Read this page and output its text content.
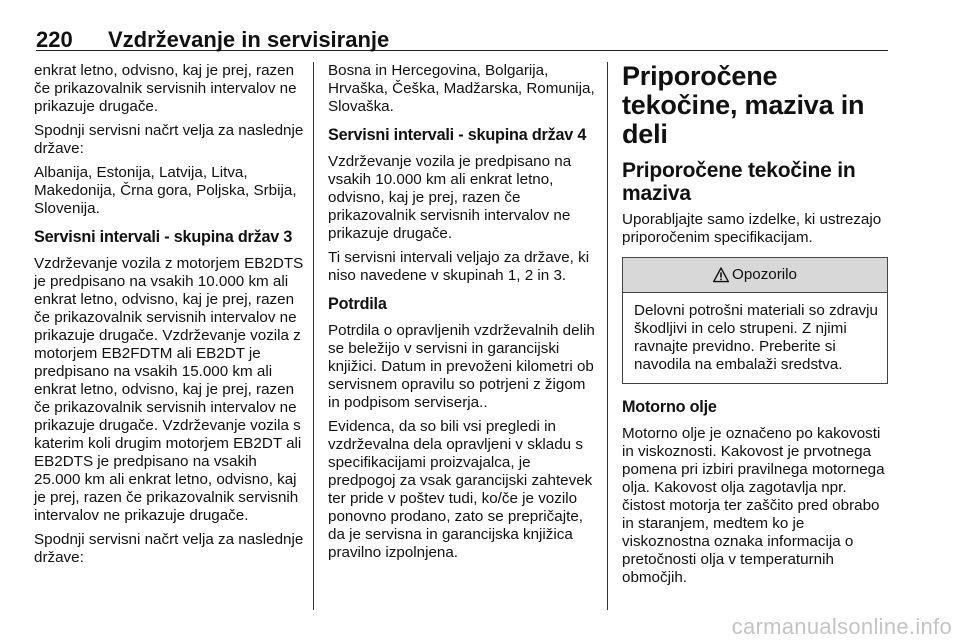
220 Vzdrževanje in servisiranje

enkrat letno, odvisno, kaj je prej, razen če prikazovalnik servisnih intervalov ne prikazuje drugače.

Spodnji servisni načrt velja za naslednje države:

Albanija, Estonija, Latvija, Litva, Makedonija, Črna gora, Poljska, Srbija, Slovenija.

Servisni intervali - skupina držav 3

Vzdrževanje vozila z motorjem EB2DTS je predpisano na vsakih 10.000 km ali enkrat letno, odvisno, kaj je prej, razen če prikazovalnik servisnih intervalov ne prikazuje drugače. Vzdrževanje vozila z motorjem EB2FDTM ali EB2DT je predpisano na vsakih 15.000 km ali enkrat letno, odvisno, kaj je prej, razen če prikazovalnik servisnih intervalov ne prikazuje drugače. Vzdrževanje vozila s katerim koli drugim motorjem EB2DT ali EB2DTS je predpisano na vsakih 25.000 km ali enkrat letno, odvisno, kaj je prej, razen če prikazovalnik servisnih intervalov ne prikazuje drugače.

Spodnji servisni načrt velja za naslednje države:

Bosna in Hercegovina, Bolgarija, Hrvaška, Češka, Madžarska, Romunija, Slovaška.

Servisni intervali - skupina držav 4

Vzdrževanje vozila je predpisano na vsakih 10.000 km ali enkrat letno, odvisno, kaj je prej, razen če prikazovalnik servisnih intervalov ne prikazuje drugače.

Ti servisni intervali veljajo za države, ki niso navedene v skupinah 1, 2 in 3.

Potrdila

Potrdila o opravljenih vzdrževalnih delih se beležijo v servisni in garancijski knjižici. Datum in prevoženi kilometri ob servisnem opravilu so potrjeni z žigom in podpisom serviserja..

Evidenca, da so bili vsi pregledi in vzdrževalna dela opravljeni v skladu s specifikacijami proizvajalca, je predpogoj za vsak garancijski zahtevek ter pride v poštev tudi, ko/če je vozilo ponovno prodano, zato se prepričajte, da je servisna in garancijska knjižica pravilno izpolnjena.

Priporočene tekočine, maziva in deli
Priporočene tekočine in maziva

Uporabljajte samo izdelke, ki ustrezajo priporočenim specifikacijam.

Opozorilo
Delovni potrošni materiali so zdravju škodljivi in celo strupeni. Z njimi ravnajte previdno. Preberite si navodila na embalaži sredstva.
Motorno olje

Motorno olje je označeno po kakovosti in viskoznosti. Kakovost je prvotnega pomena pri izbiri pravilnega motornega olja. Kakovost olja zagotavlja npr. čistost motorja ter zaščito pred obrabo in staranjem, medtem ko je viskoznostna oznaka informacija o pretočnosti olja v temperaturnih območjih.

carmanualsonline.info
